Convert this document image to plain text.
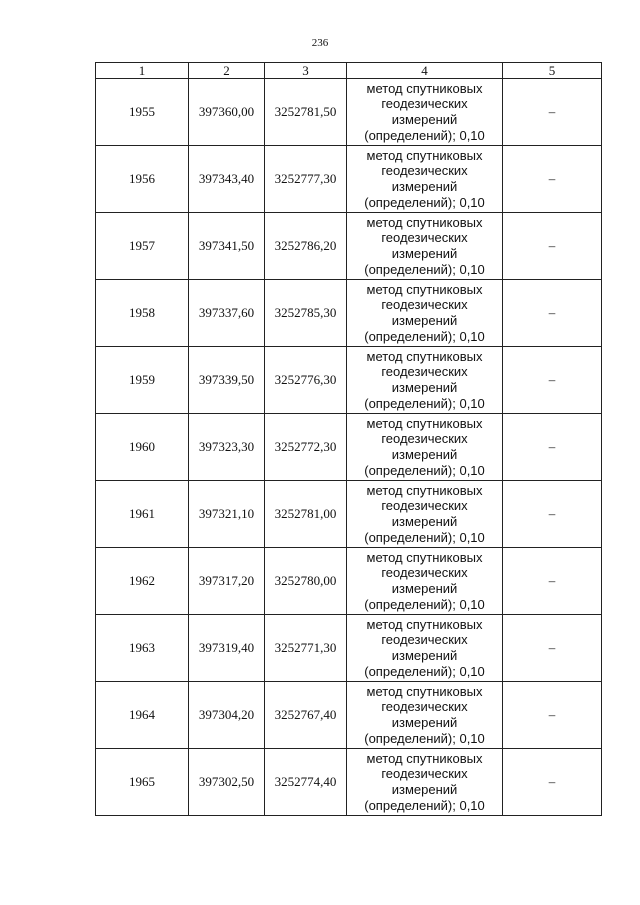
236
1	2	3	4	5
1955	397360,00	3252781,50	метод спутниковых
геодезических
измерений
(определений); 0,10	–
1956	397343,40	3252777,30	метод спутниковых
геодезических
измерений
(определений); 0,10	–
1957	397341,50	3252786,20	метод спутниковых
геодезических
измерений
(определений); 0,10	–
1958	397337,60	3252785,30	метод спутниковых
геодезических
измерений
(определений); 0,10	–
1959	397339,50	3252776,30	метод спутниковых
геодезических
измерений
(определений); 0,10	–
1960	397323,30	3252772,30	метод спутниковых
геодезических
измерений
(определений); 0,10	–
1961	397321,10	3252781,00	метод спутниковых
геодезических
измерений
(определений); 0,10	–
1962	397317,20	3252780,00	метод спутниковых
геодезических
измерений
(определений); 0,10	–
1963	397319,40	3252771,30	метод спутниковых
геодезических
измерений
(определений); 0,10	–
1964	397304,20	3252767,40	метод спутниковых
геодезических
измерений
(определений); 0,10	–
1965	397302,50	3252774,40	метод спутниковых
геодезических
измерений
(определений); 0,10	–
